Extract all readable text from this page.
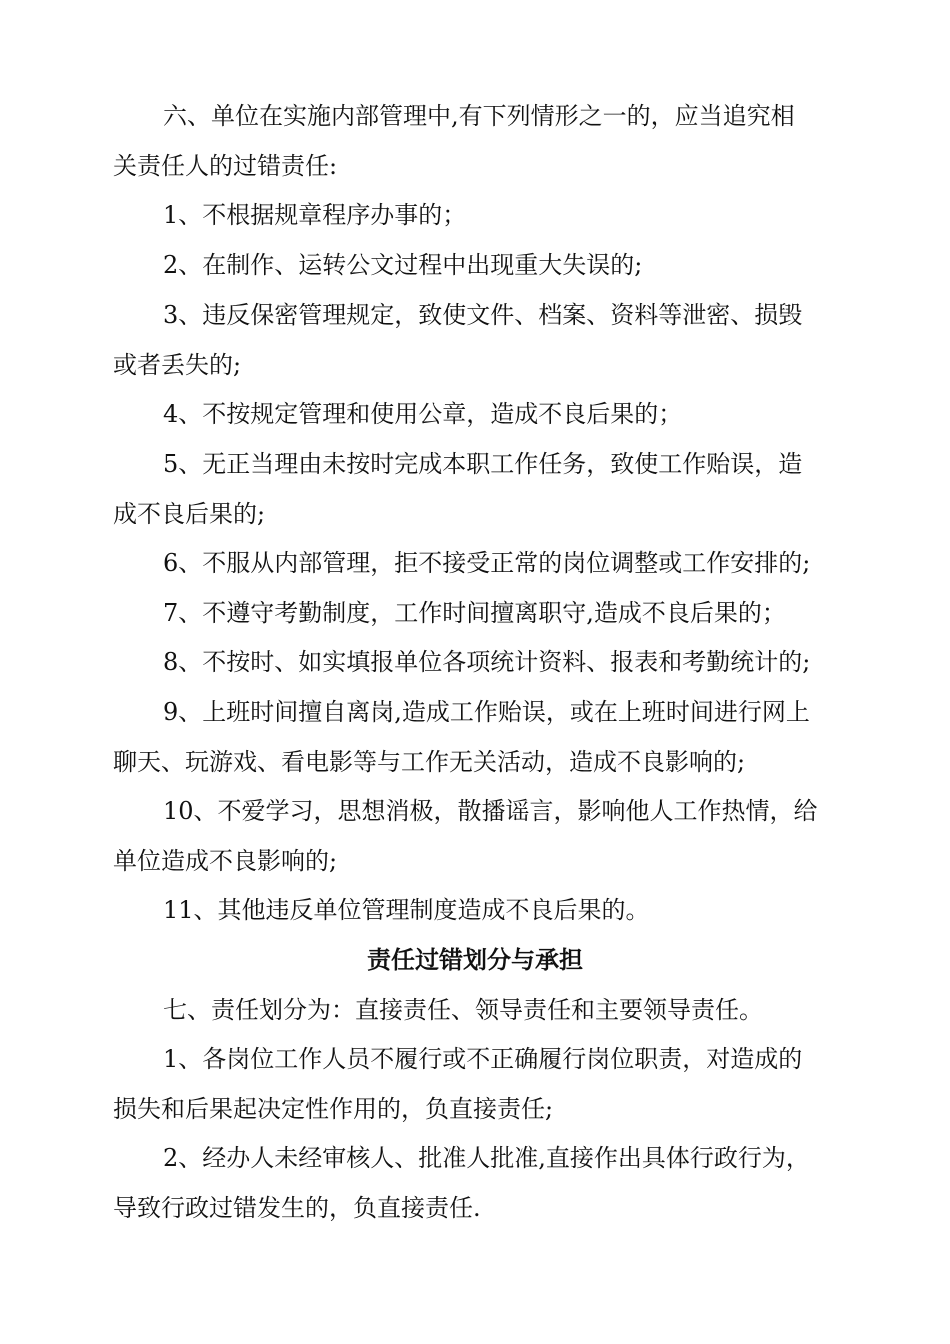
六、单位在实施内部管理中,有下列情形之一的，应当追究相
关责任人的过错责任:

1、不根据规章程序办事的；

2、在制作、运转公文过程中出现重大失误的;

3、违反保密管理规定，致使文件、档案、资料等泄密、损毁
或者丢失的;

4、不按规定管理和使用公章，造成不良后果的；

5、无正当理由未按时完成本职工作任务，致使工作贻误，造
成不良后果的;

6、不服从内部管理，拒不接受正常的岗位调整或工作安排的;

7、不遵守考勤制度，工作时间擅离职守,造成不良后果的；

8、不按时、如实填报单位各项统计资料、报表和考勤统计的;

9、上班时间擅自离岗,造成工作贻误，或在上班时间进行网上
聊天、玩游戏、看电影等与工作无关活动，造成不良影响的;

10、不爱学习，思想消极，散播谣言，影响他人工作热情，给
单位造成不良影响的;

11、其他违反单位管理制度造成不良后果的。

责任过错划分与承担

七、责任划分为：直接责任、领导责任和主要领导责任。

1、各岗位工作人员不履行或不正确履行岗位职责，对造成的
损失和后果起决定性作用的，负直接责任;

2、经办人未经审核人、批准人批准,直接作出具体行政行为，
导致行政过错发生的，负直接责任.
